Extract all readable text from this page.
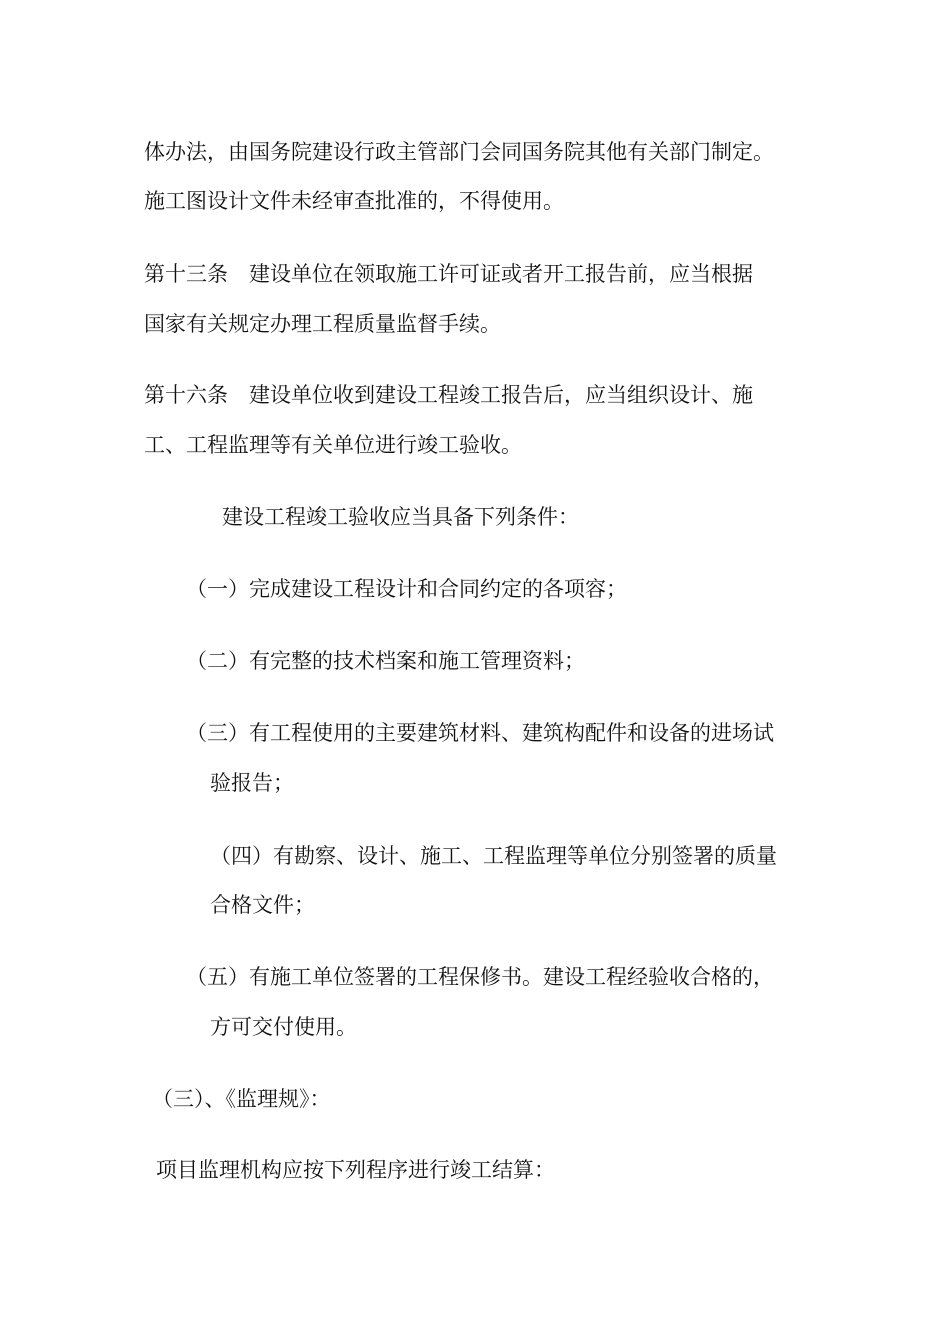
体办法，由国务院建设行政主管部门会同国务院其他有关部门制定。
施工图设计文件未经审查批准的，不得使用。
第十三条　建设单位在领取施工许可证或者开工报告前，应当根据
国家有关规定办理工程质量监督手续。
第十六条　建设单位收到建设工程竣工报告后，应当组织设计、施
工、工程监理等有关单位进行竣工验收。
建设工程竣工验收应当具备下列条件：
（一）完成建设工程设计和合同约定的各项容；
（二）有完整的技术档案和施工管理资料；
（三）有工程使用的主要建筑材料、建筑构配件和设备的进场试
验报告；
（四）有勘察、设计、施工、工程监理等单位分别签署的质量
合格文件；
（五）有施工单位签署的工程保修书。建设工程经验收合格的，
方可交付使用。
（三）、《监理规》：
项目监理机构应按下列程序进行竣工结算：
